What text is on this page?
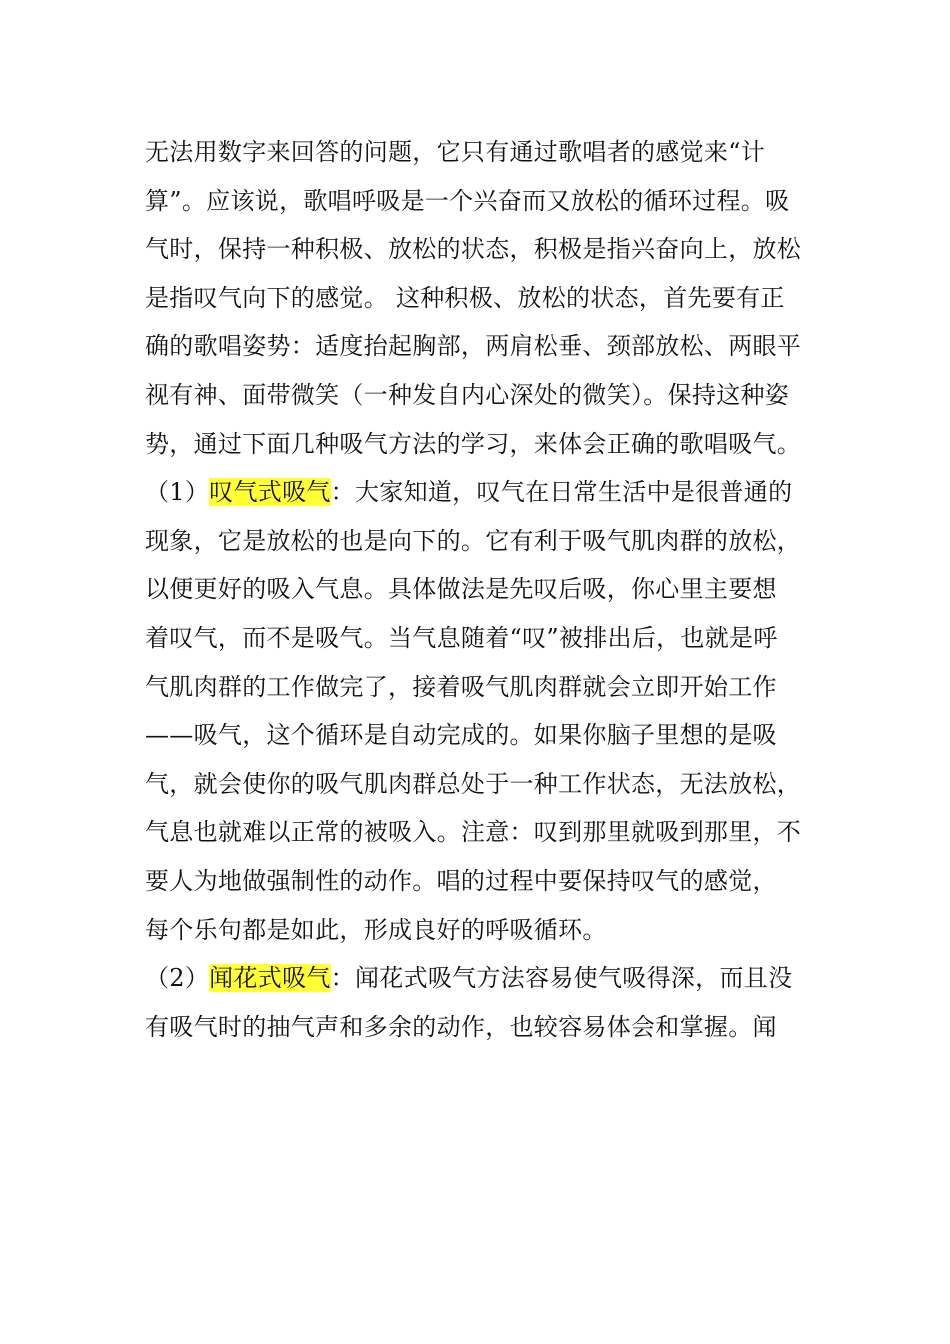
无法用数字来回答的问题，它只有通过歌唱者的感觉来“计
算”。应该说，歌唱呼吸是一个兴奋而又放松的循环过程。吸
气时，保持一种积极、放松的状态，积极是指兴奋向上，放松
是指叹气向下的感觉。 这种积极、放松的状态，首先要有正
确的歌唱姿势：适度抬起胸部，两肩松垂、颈部放松、两眼平
视有神、面带微笑（一种发自内心深处的微笑）。保持这种姿
势，通过下面几种吸气方法的学习，来体会正确的歌唱吸气。
（1）叹气式吸气：大家知道，叹气在日常生活中是很普通的
现象，它是放松的也是向下的。它有利于吸气肌肉群的放松，
以便更好的吸入气息。具体做法是先叹后吸，你心里主要想
着叹气，而不是吸气。当气息随着“叹”被排出后，也就是呼
气肌肉群的工作做完了，接着吸气肌肉群就会立即开始工作
——吸气，这个循环是自动完成的。如果你脑子里想的是吸
气，就会使你的吸气肌肉群总处于一种工作状态，无法放松，
气息也就难以正常的被吸入。注意：叹到那里就吸到那里，不
要人为地做强制性的动作。唱的过程中要保持叹气的感觉，
每个乐句都是如此，形成良好的呼吸循环。
（2）闻花式吸气：闻花式吸气方法容易使气吸得深，而且没
有吸气时的抽气声和多余的动作，也较容易体会和掌握。闻
